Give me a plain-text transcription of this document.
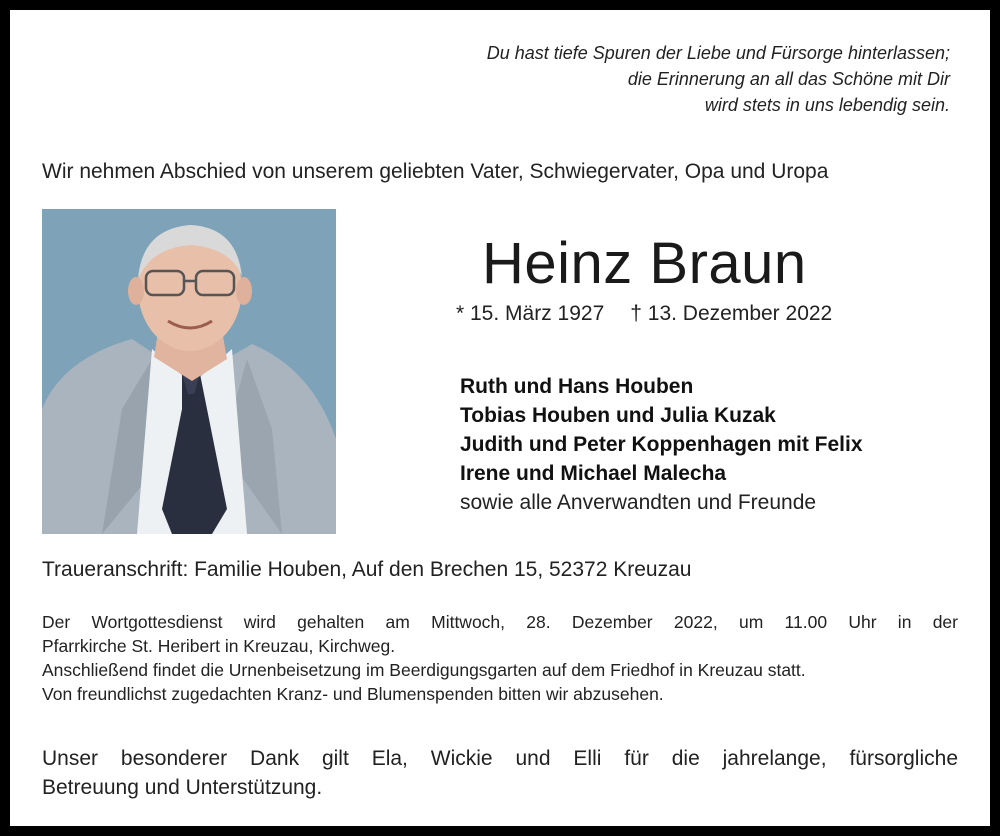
Du hast tiefe Spuren der Liebe und Fürsorge hinterlassen;
die Erinnerung an all das Schöne mit Dir
wird stets in uns lebendig sein.
Wir nehmen Abschied von unserem geliebten Vater, Schwiegervater, Opa und Uropa
Heinz Braun
* 15. März 1927 † 13. Dezember 2022
Ruth und Hans Houben
Tobias Houben und Julia Kuzak
Judith und Peter Koppenhagen mit Felix
Irene und Michael Malecha
sowie alle Anverwandten und Freunde
Traueranschrift: Familie Houben, Auf den Brechen 15, 52372 Kreuzau

Der Wortgottesdienst wird gehalten am Mittwoch, 28. Dezember 2022, um 11.00 Uhr in der

Pfarrkirche St. Heribert in Kreuzau, Kirchweg.

Anschließend findet die Urnenbeisetzung im Beerdigungsgarten auf dem Friedhof in Kreuzau statt.

Von freundlichst zugedachten Kranz- und Blumenspenden bitten wir abzusehen.

Unser besonderer Dank gilt Ela, Wickie und Elli für die jahrelange, fürsorgliche

Betreuung und Unterstützung.
